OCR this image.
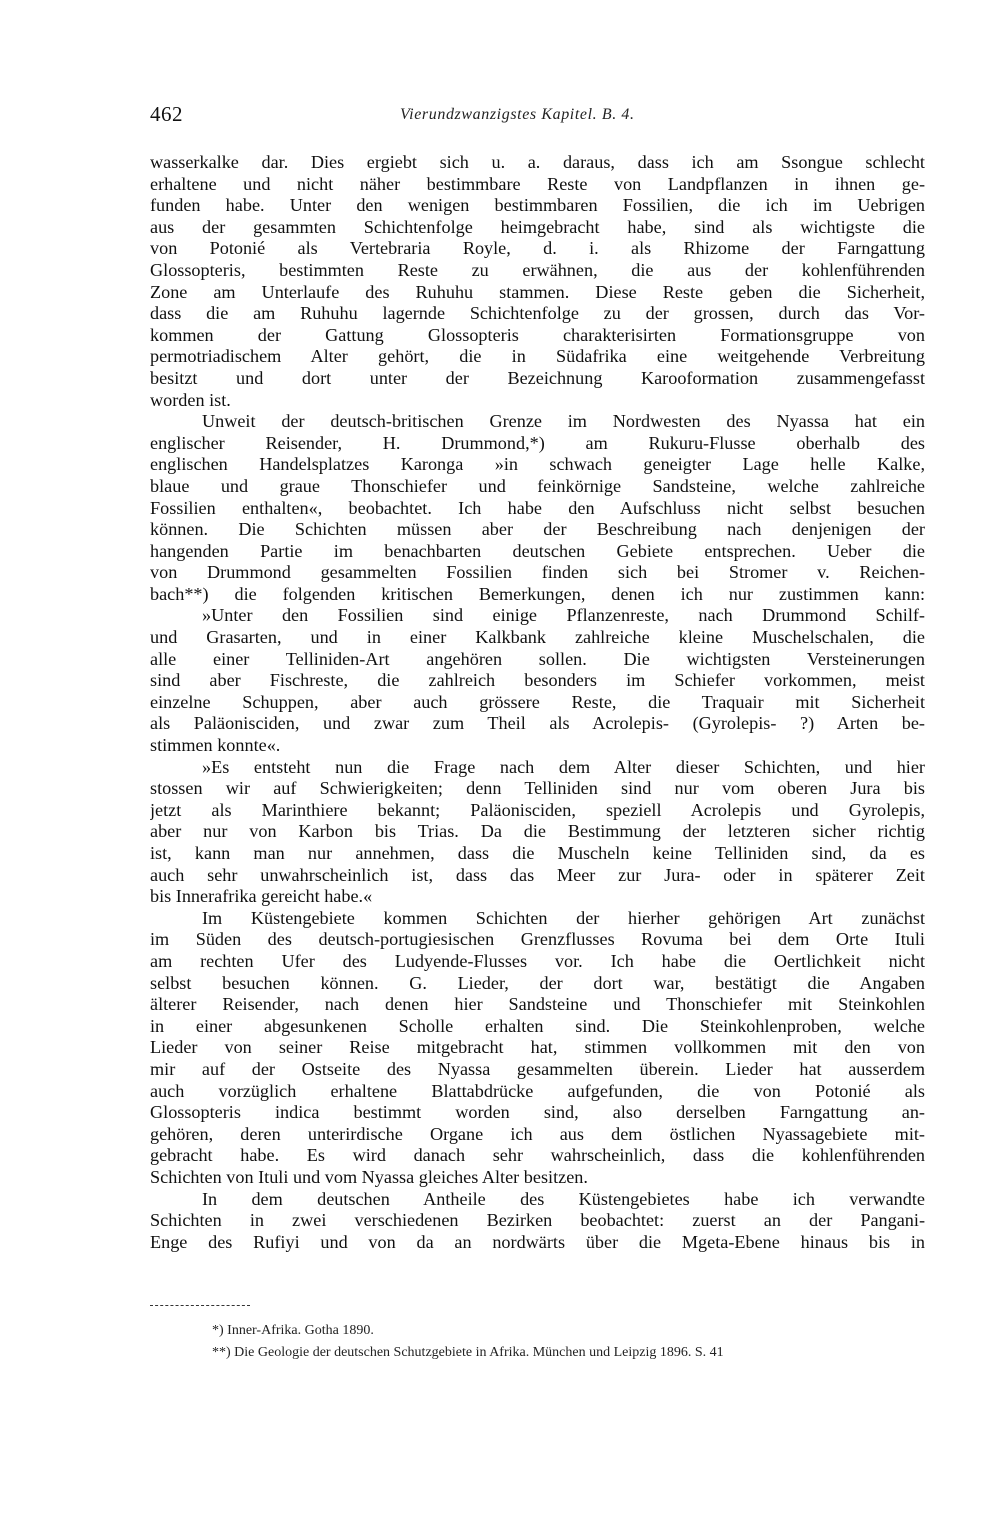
462	Vierundzwanzigstes Kapitel. B. 4.
wasserkalke dar. Dies ergiebt sich u. a. daraus, dass ich am Ssongue schlecht
erhaltene und nicht näher bestimmbare Reste von Landpflanzen in ihnen ge-
funden habe. Unter den wenigen bestimmbaren Fossilien, die ich im Uebrigen
aus der gesammten Schichtenfolge heimgebracht habe, sind als wichtigste die
von Potonié als Vertebraria Royle, d. i. als Rhizome der Farngattung
Glossopteris, bestimmten Reste zu erwähnen, die aus der kohlenführenden
Zone am Unterlaufe des Ruhuhu stammen. Diese Reste geben die Sicherheit,
dass die am Ruhuhu lagernde Schichtenfolge zu der grossen, durch das Vor-
kommen der Gattung Glossopteris charakterisirten Formationsgruppe von
permotriadischem Alter gehört, die in Südafrika eine weitgehende Verbreitung
besitzt und dort unter der Bezeichnung Karooformation zusammengefasst
worden ist.
Unweit der deutsch-britischen Grenze im Nordwesten des Nyassa hat ein
englischer Reisender, H. Drummond,*) am Rukuru-Flusse oberhalb des
englischen Handelsplatzes Karonga »in schwach geneigter Lage helle Kalke,
blaue und graue Thonschiefer und feinkörnige Sandsteine, welche zahlreiche
Fossilien enthalten«, beobachtet. Ich habe den Aufschluss nicht selbst besuchen
können. Die Schichten müssen aber der Beschreibung nach denjenigen der
hangenden Partie im benachbarten deutschen Gebiete entsprechen. Ueber die
von Drummond gesammelten Fossilien finden sich bei Stromer v. Reichen-
bach**) die folgenden kritischen Bemerkungen, denen ich nur zustimmen kann:
»Unter den Fossilien sind einige Pflanzenreste, nach Drummond Schilf-
und Grasarten, und in einer Kalkbank zahlreiche kleine Muschelschalen, die
alle einer Telliniden-Art angehören sollen. Die wichtigsten Versteinerungen
sind aber Fischreste, die zahlreich besonders im Schiefer vorkommen, meist
einzelne Schuppen, aber auch grössere Reste, die Traquair mit Sicherheit
als Paläonisciden, und zwar zum Theil als Acrolepis- (Gyrolepis- ?) Arten be-
stimmen konnte«.
»Es entsteht nun die Frage nach dem Alter dieser Schichten, und hier
stossen wir auf Schwierigkeiten; denn Telliniden sind nur vom oberen Jura bis
jetzt als Marinthiere bekannt; Paläonisciden, speziell Acrolepis und Gyrolepis,
aber nur von Karbon bis Trias. Da die Bestimmung der letzteren sicher richtig
ist, kann man nur annehmen, dass die Muscheln keine Telliniden sind, da es
auch sehr unwahrscheinlich ist, dass das Meer zur Jura- oder in späterer Zeit
bis Innerafrika gereicht habe.«
Im Küstengebiete kommen Schichten der hierher gehörigen Art zunächst
im Süden des deutsch-portugiesischen Grenzflusses Rovuma bei dem Orte Ituli
am rechten Ufer des Ludyende-Flusses vor. Ich habe die Oertlichkeit nicht
selbst besuchen können. G. Lieder, der dort war, bestätigt die Angaben
älterer Reisender, nach denen hier Sandsteine und Thonschiefer mit Steinkohlen
in einer abgesunkenen Scholle erhalten sind. Die Steinkohlenproben, welche
Lieder von seiner Reise mitgebracht hat, stimmen vollkommen mit den von
mir auf der Ostseite des Nyassa gesammelten überein. Lieder hat ausserdem
auch vorzüglich erhaltene Blattabdrücke aufgefunden, die von Potonié als
Glossopteris indica bestimmt worden sind, also derselben Farngattung an-
gehören, deren unterirdische Organe ich aus dem östlichen Nyassagebiete mit-
gebracht habe. Es wird danach sehr wahrscheinlich, dass die kohlenführenden
Schichten von Ituli und vom Nyassa gleiches Alter besitzen.
In dem deutschen Antheile des Küstengebietes habe ich verwandte
Schichten in zwei verschiedenen Bezirken beobachtet: zuerst an der Pangani-
Enge des Rufiyi und von da an nordwärts über die Mgeta-Ebene hinaus bis in
*) Inner-Afrika. Gotha 1890.
**) Die Geologie der deutschen Schutzgebiete in Afrika. München und Leipzig 1896. S. 41
